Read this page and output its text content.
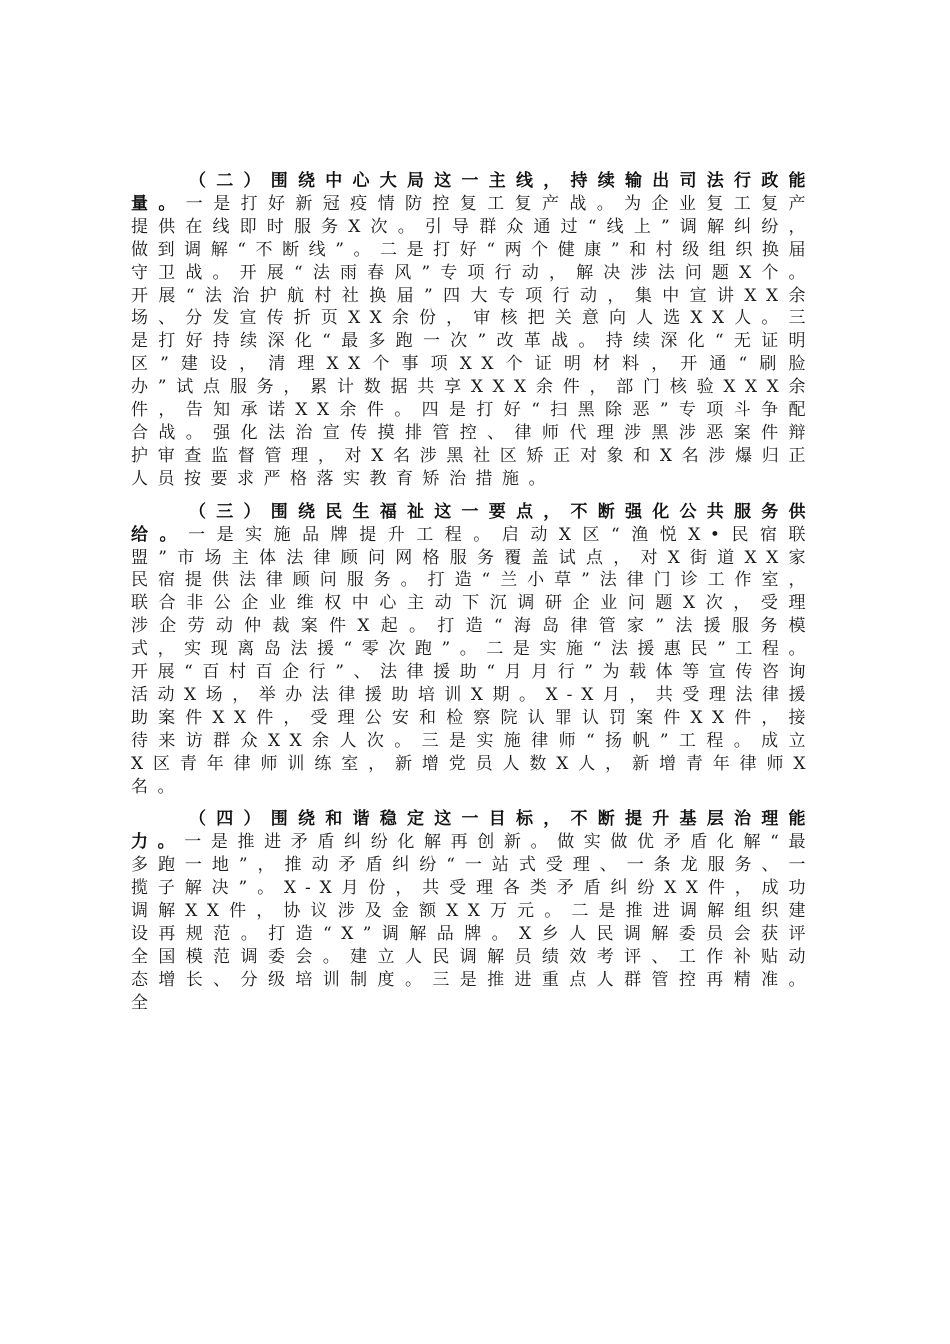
（二）围绕中心大局这一主线，持续输出司法行政能量。一是打好新冠疫情防控复工复产战。为企业复工复产提供在线即时服务X次。引导群众通过“线上”调解纠纷，做到调解“不断线”。二是打好“两个健康”和村级组织换届守卫战。开展“法雨春风”专项行动，解决涉法问题X个。开展“法治护航村社换届”四大专项行动，集中宣讲XX余场、分发宣传折页XX余份，审核把关意向人选XX人。三是打好持续深化“最多跑一次”改革战。持续深化“无证明区”建设，清理XX个事项XX个证明材料，开通“刷脸办”试点服务，累计数据共享XXX余件，部门核验XXX余件，告知承诺XX余件。四是打好“扫黑除恶”专项斗争配合战。强化法治宣传摸排管控、律师代理涉黑涉恶案件辩护审查监督管理，对X名涉黑社区矫正对象和X名涉爆归正人员按要求严格落实教育矫治措施。

（三）围绕民生福祉这一要点，不断强化公共服务供给。一是实施品牌提升工程。启动X区“渔悦X•民宿联盟”市场主体法律顾问网格服务覆盖试点，对X街道XX家民宿提供法律顾问服务。打造“兰小草”法律门诊工作室，联合非公企业维权中心主动下沉调研企业问题X次，受理涉企劳动仲裁案件X起。打造“海岛律管家”法援服务模式，实现离岛法援“零次跑”。二是实施“法援惠民”工程。开展“百村百企行”、法律援助“月月行”为载体等宣传咨询活动X场，举办法律援助培训X期。X-X月，共受理法律援助案件XX件，受理公安和检察院认罪认罚案件XX件，接待来访群众XX余人次。三是实施律师“扬帆”工程。成立X区青年律师训练室，新增党员人数X人，新增青年律师X名。

（四）围绕和谐稳定这一目标，不断提升基层治理能力。一是推进矛盾纠纷化解再创新。做实做优矛盾化解“最多跑一地”，推动矛盾纠纷“一站式受理、一条龙服务、一揽子解决”。X-X月份，共受理各类矛盾纠纷XX件，成功调解XX件，协议涉及金额XX万元。二是推进调解组织建设再规范。打造“X”调解品牌。X乡人民调解委员会获评全国模范调委会。建立人民调解员绩效考评、工作补贴动态增长、分级培训制度。三是推进重点人群管控再精准。全
